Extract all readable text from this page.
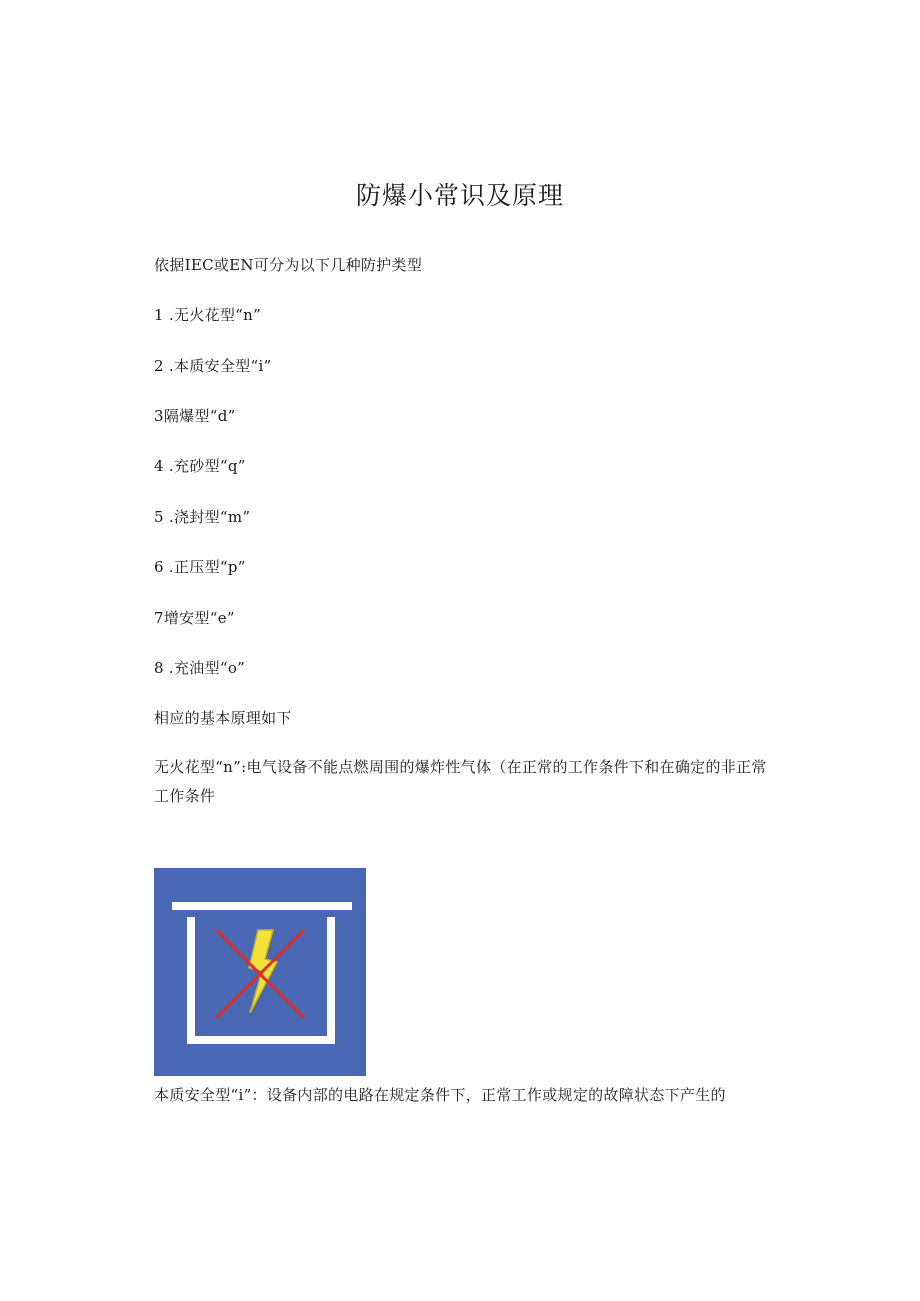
防爆小常识及原理
依据IEC或EN可分为以下几种防护类型
1 .无火花型“n”
2 .本质安全型“i”
3隔爆型“d”
4 .充砂型“q”
5 .浇封型“m”
6 .正压型“p”
7增安型“e”
8 .充油型“o”
相应的基本原理如下
无火花型“n”:电气设备不能点燃周围的爆炸性气体（在正常的工作条件下和在确定的非正常工作条件
本质安全型“i”：设备内部的电路在规定条件下，正常工作或规定的故障状态下产生的
